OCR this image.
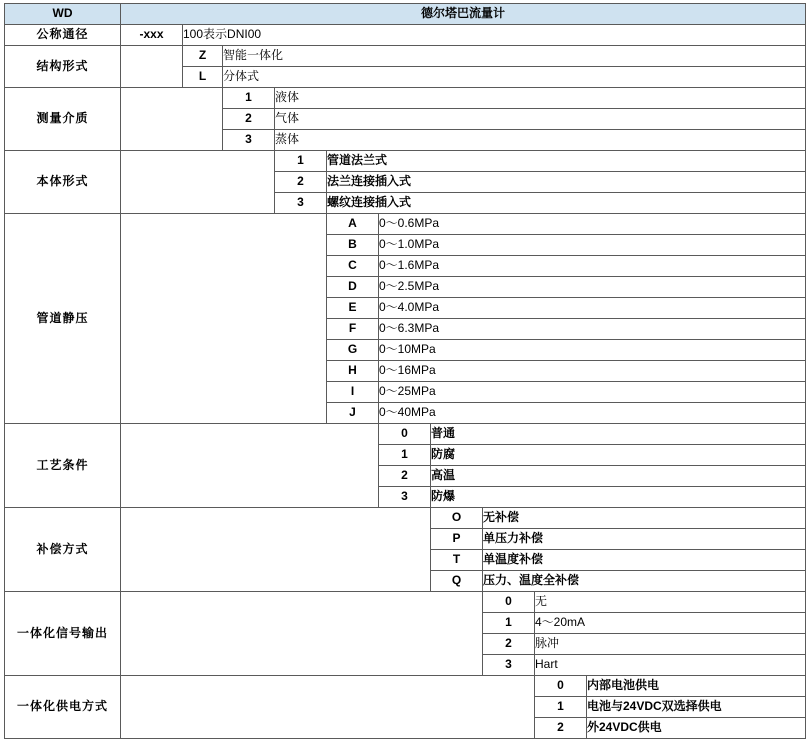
WD	德尔塔巴流量计									
公称通径	-xxx	100表示DNI00								
结构形式		Z	智能一体化							
		L	分体式							
测量介质			1	液体						
			2	气体						
			3	蒸体						
本体形式				1	管道法兰式					
				2	法兰连接插入式					
				3	螺纹连接插入式					
管道静压					A	0～0.6MPa				
					B	0～1.0MPa				
					C	0～1.6MPa				
					D	0～2.5MPa				
					E	0～4.0MPa				
					F	0～6.3MPa				
					G	0～10MPa				
					H	0～16MPa				
					I	0～25MPa				
					J	0～40MPa				
工艺条件						0	普通			
						1	防腐			
						2	高温			
						3	防爆			
补偿方式							O	无补偿		
							P	单压力补偿		
							T	单温度补偿		
							Q	压力、温度全补偿		
一体化信号输出								0	无	
								1	4～20mA	
								2	脉冲	
								3	Hart	
一体化供电方式									0	内部电池供电
									1	电池与24VDC双选择供电
									2	外24VDC供电
